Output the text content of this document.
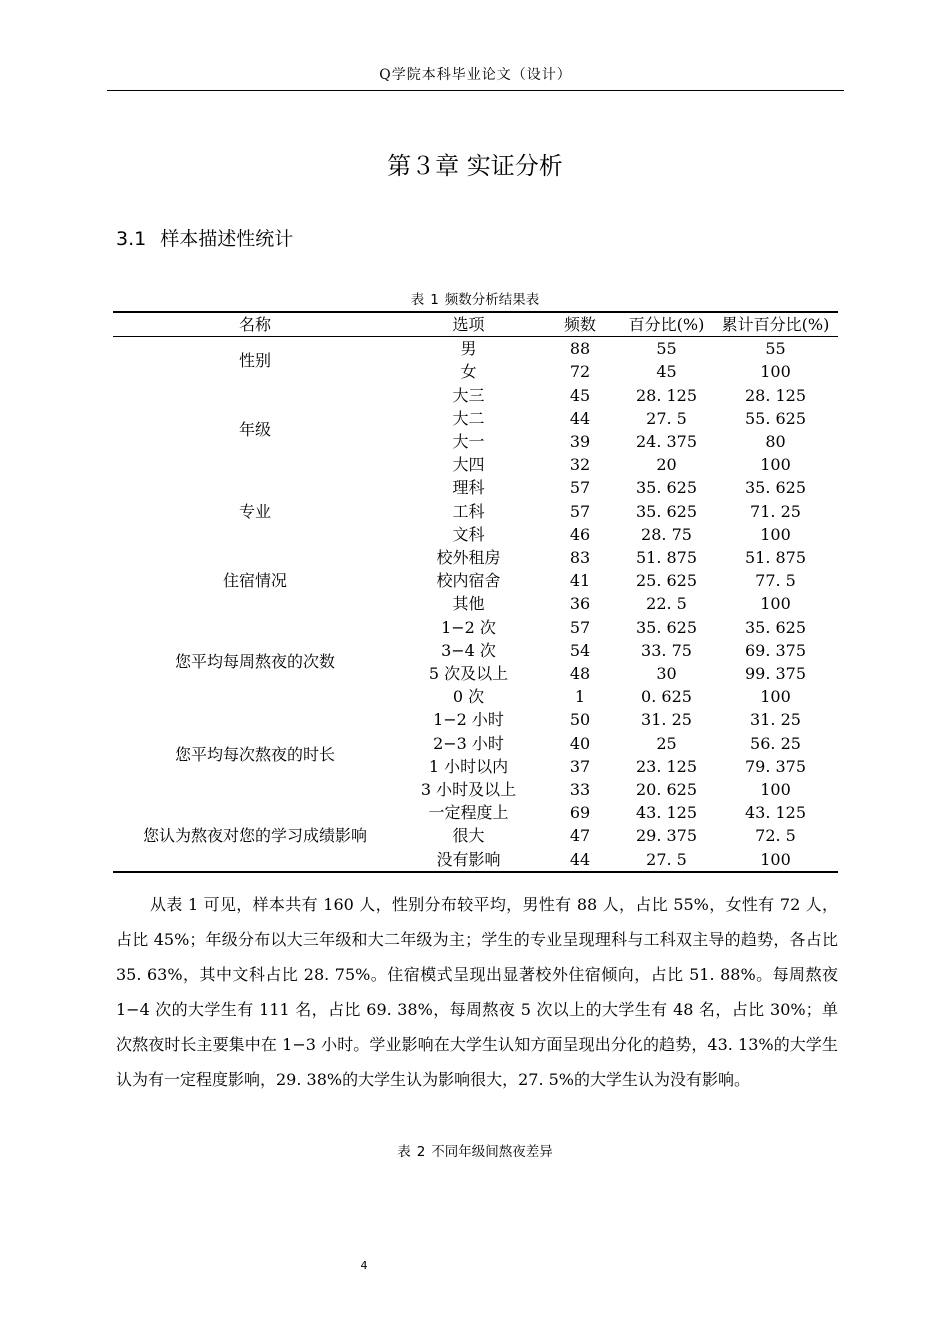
Q学院本科毕业论文（设计）
第３章 实证分析
3.1 样本描述性统计
表 1 频数分析结果表
名称	选项	频数	百分比(%)	累计百分比(%)
性别	男	88	55	55
	女	72	45	100
年级	大三	45	28. 125	28. 125
	大二	44	27. 5	55. 625
	大一	39	24. 375	80
	大四	32	20	100
专业	理科	57	35. 625	35. 625
	工科	57	35. 625	71. 25
	文科	46	28. 75	100
住宿情况	校外租房	83	51. 875	51. 875
	校内宿舍	41	25. 625	77. 5
	其他	36	22. 5	100
您平均每周熬夜的次数	1−2 次	57	35. 625	35. 625
	3−4 次	54	33. 75	69. 375
	5 次及以上	48	30	99. 375
	0 次	1	0. 625	100
您平均每次熬夜的时长	1−2 小时	50	31. 25	31. 25
	2−3 小时	40	25	56. 25
	1 小时以内	37	23. 125	79. 375
	3 小时及以上	33	20. 625	100
您认为熬夜对您的学习成绩影响	一定程度上	69	43. 125	43. 125
	很大	47	29. 375	72. 5
	没有影响	44	27. 5	100

从表 1 可见，样本共有 160 人，性别分布较平均，男性有 88 人，占比 55%，女性有 72 人，占比 45%；年级分布以大三年级和大二年级为主；学生的专业呈现理科与工科双主导的趋势，各占比 35. 63%，其中文科占比 28. 75%。住宿模式呈现出显著校外住宿倾向，占比 51. 88%。每周熬夜 1−4 次的大学生有 111 名，占比 69. 38%，每周熬夜 5 次以上的大学生有 48 名，占比 30%；单次熬夜时长主要集中在 1−3 小时。学业影响在大学生认知方面呈现出分化的趋势，43. 13%的大学生认为有一定程度影响，29. 38%的大学生认为影响很大，27. 5%的大学生认为没有影响。

表 2 不同年级间熬夜差异
4
